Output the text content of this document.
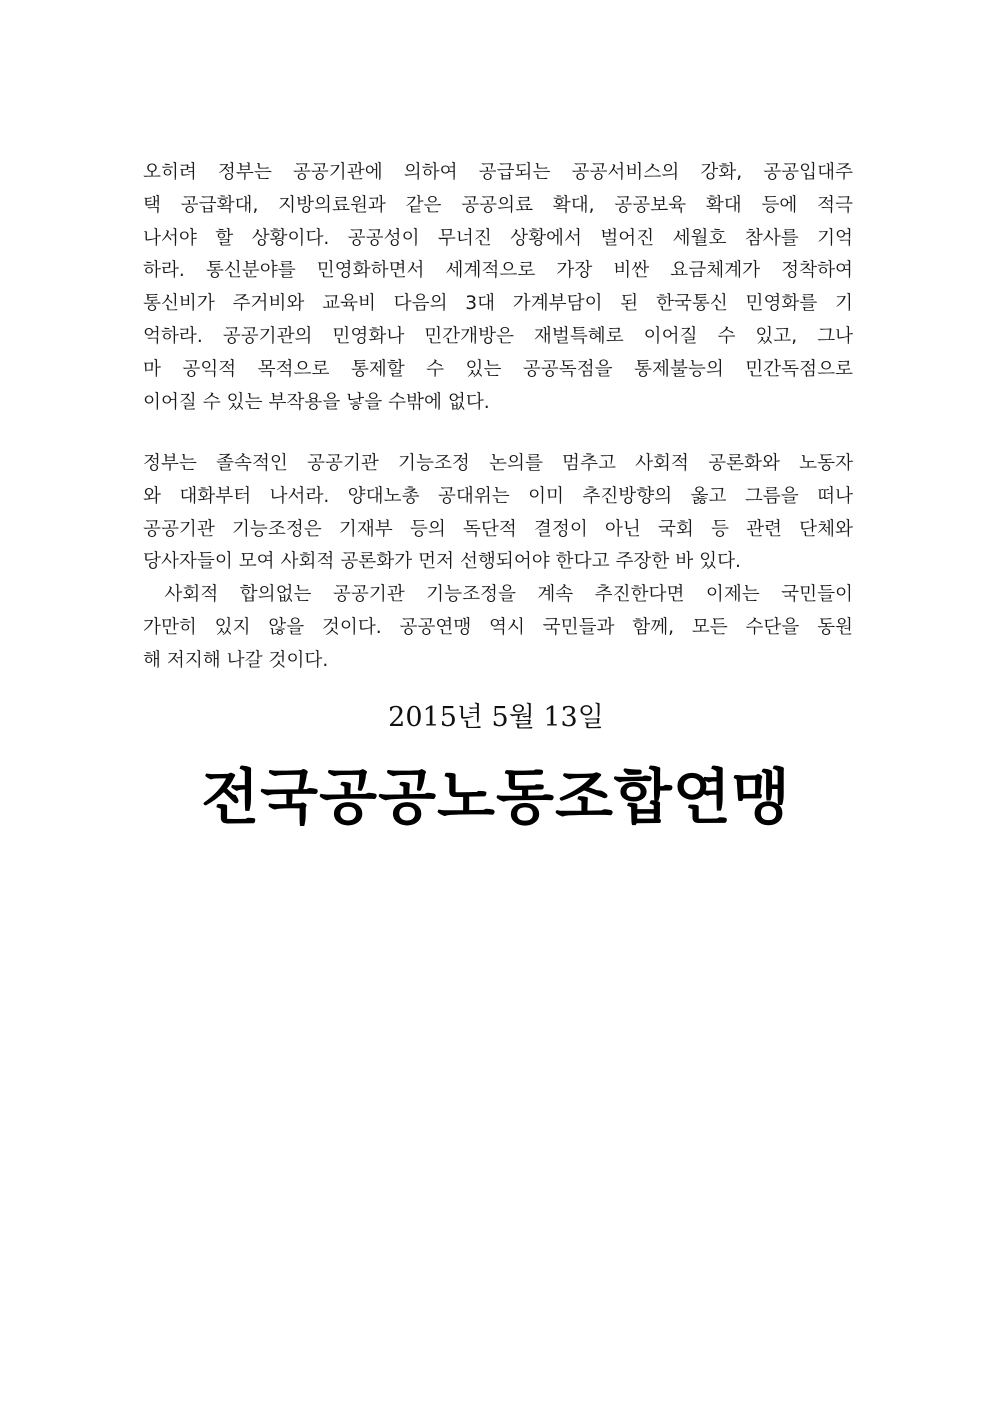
오히려 정부는 공공기관에 의하여 공급되는 공공서비스의 강화, 공공입대주
택 공급확대, 지방의료원과 같은 공공의료 확대, 공공보육 확대 등에 적극
나서야 할 상황이다. 공공성이 무너진 상황에서 벌어진 세월호 참사를 기억
하라. 통신분야를 민영화하면서 세계적으로 가장 비싼 요금체계가 정착하여
통신비가 주거비와 교육비 다음의 3대 가계부담이 된 한국통신 민영화를 기
억하라. 공공기관의 민영화나 민간개방은 재벌특혜로 이어질 수 있고, 그나
마 공익적 목적으로 통제할 수 있는 공공독점을 통제불능의 민간독점으로
이어질 수 있는 부작용을 낳을 수밖에 없다.
정부는 졸속적인 공공기관 기능조정 논의를 멈추고 사회적 공론화와 노동자
와 대화부터 나서라. 양대노총 공대위는 이미 추진방향의 옳고 그름을 떠나
공공기관 기능조정은 기재부 등의 독단적 결정이 아닌 국회 등 관련 단체와
당사자들이 모여 사회적 공론화가 먼저 선행되어야 한다고 주장한 바 있다.
사회적 합의없는 공공기관 기능조정을 계속 추진한다면 이제는 국민들이
가만히 있지 않을 것이다. 공공연맹 역시 국민들과 함께, 모든 수단을 동원
해 저지해 나갈 것이다.
2015년 5월 13일
전국공공노동조합연맹
